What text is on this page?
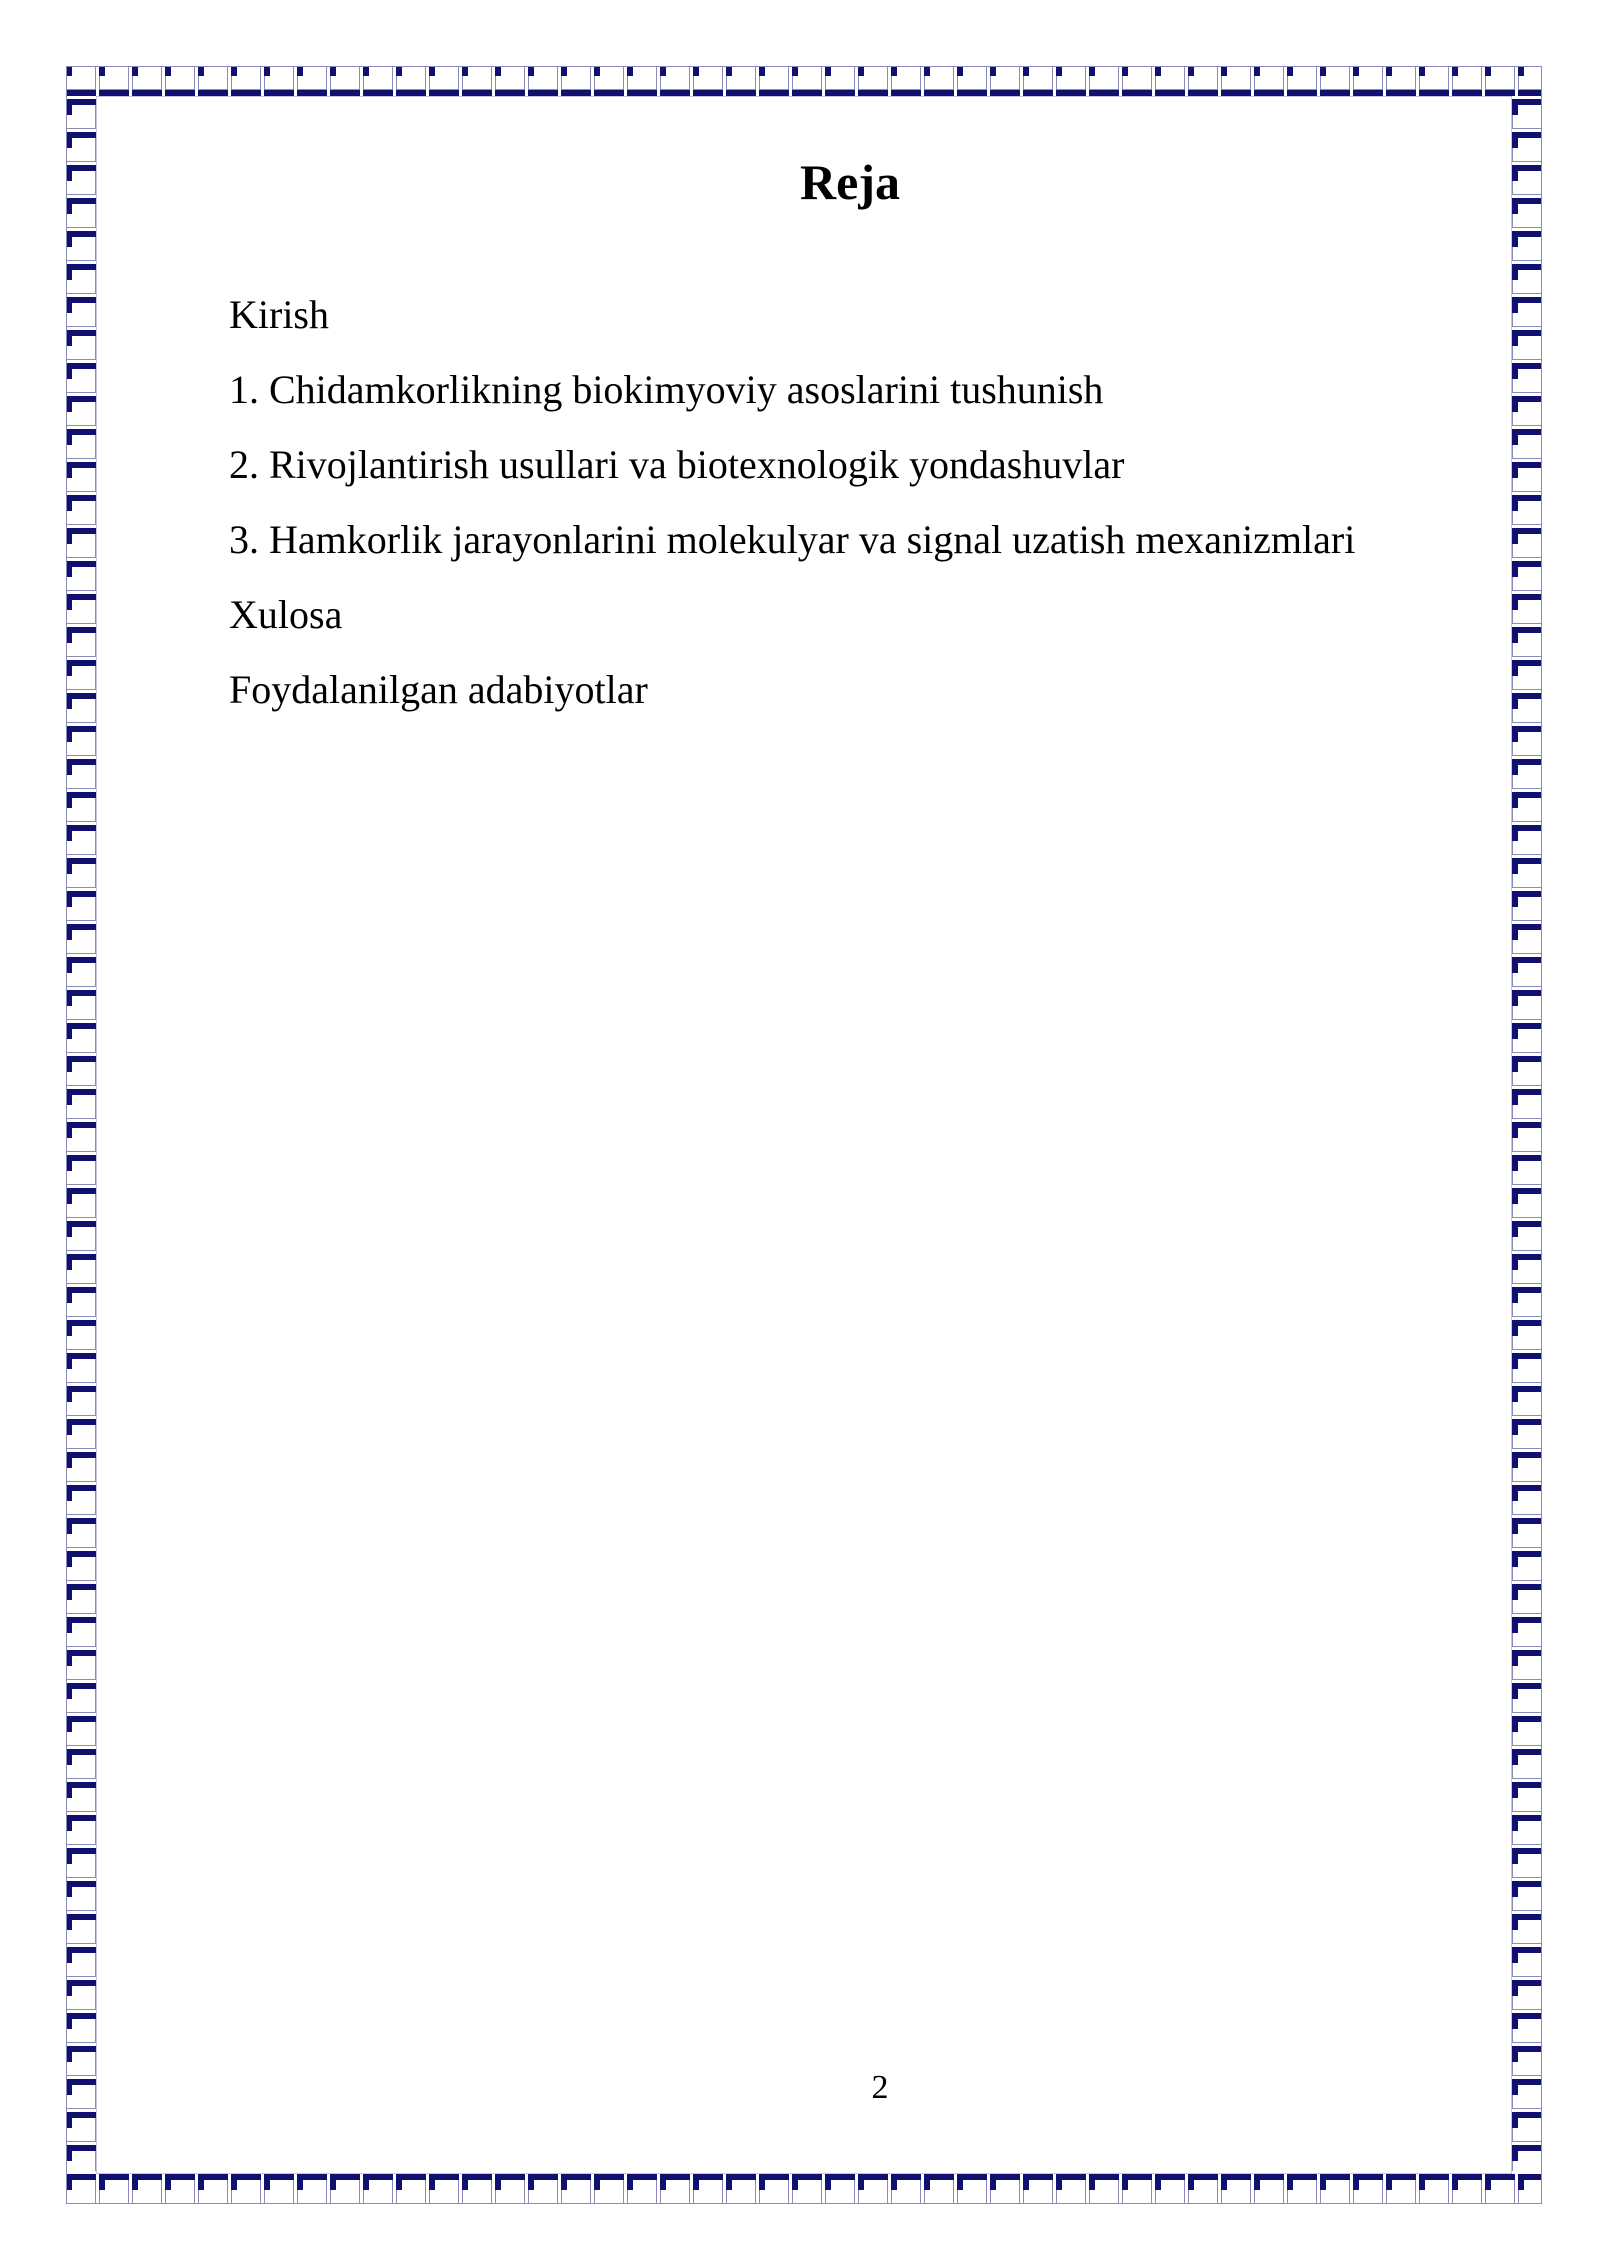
Reja
Kirish
1. Chidamkorlikning biokimyoviy asoslarini tushunish
2. Rivojlantirish usullari va biotexnologik yondashuvlar
3. Hamkorlik jarayonlarini molekulyar va signal uzatish mexanizmlari
Xulosa
Foydalanilgan adabiyotlar
2
